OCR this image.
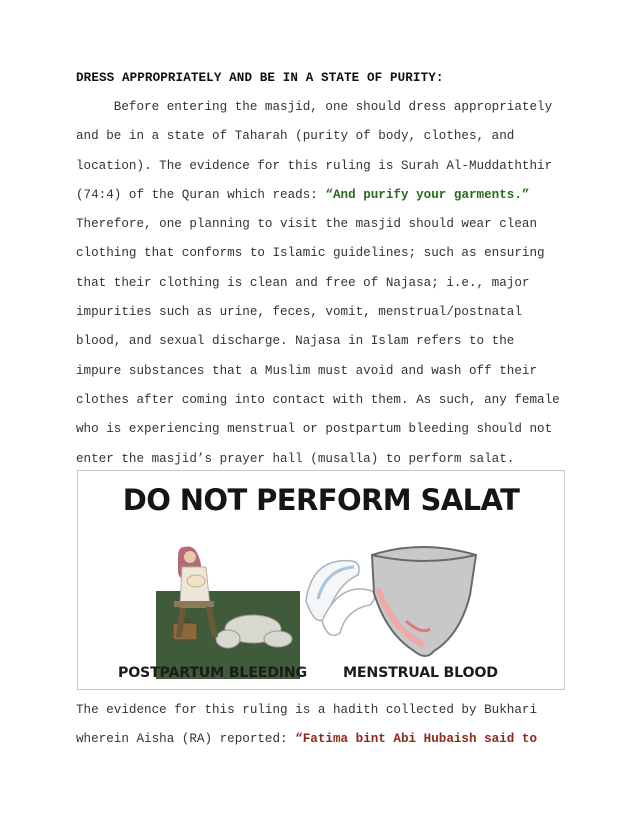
DRESS APPROPRIATELY AND BE IN A STATE OF PURITY:
Before entering the masjid, one should dress appropriately
and be in a state of Taharah (purity of body, clothes, and
location). The evidence for this ruling is Surah Al-Muddaththir
(74:4) of the Quran which reads: “And purify your garments.”
Therefore, one planning to visit the masjid should wear clean
clothing that conforms to Islamic guidelines; such as ensuring
that their clothing is clean and free of Najasa; i.e., major
impurities such as urine, feces, vomit, menstrual/postnatal
blood, and sexual discharge. Najasa in Islam refers to the
impure substances that a Muslim must avoid and wash off their
clothes after coming into contact with them. As such, any female
who is experiencing menstrual or postpartum bleeding should not
enter the masjid’s prayer hall (musalla) to perform salat.
DO NOT PERFORM SALAT
POSTPARTUM BLEEDING	MENSTRUAL BLOOD
The evidence for this ruling is a hadith collected by Bukhari
wherein Aisha (RA) reported: “Fatima bint Abi Hubaish said to
